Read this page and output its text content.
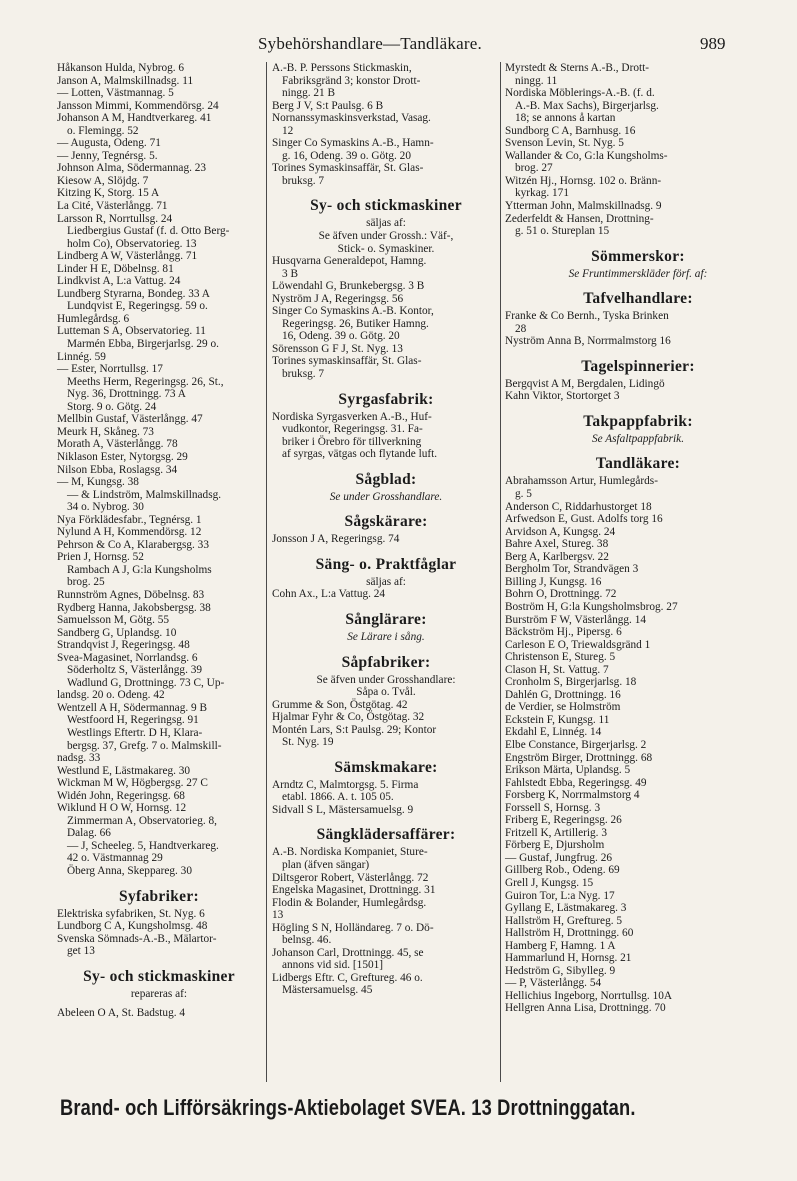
Sybehörshandlare—Tandläkare.	989
Håkanson Hulda, Nybrog. 6
Janson A, Malmskillnadsg. 11
— Lotten, Västmannag. 5
Jansson Mimmi, Kommendörsg. 24
Johanson A M, Handtverkareg. 41
o. Flemingg. 52
— Augusta, Odeng. 71
— Jenny, Tegnérsg. 5.
Johnson Alma, Södermannag. 23
Kiesow A, Slöjdg. 7
Kitzing K, Storg. 15 A
La Cité, Västerlångg. 71
Larsson R, Norrtullsg. 24
Liedbergius Gustaf (f. d. Otto Berg-
holm Co), Observatorieg. 13
Lindberg A W, Västerlångg. 71
Linder H E, Döbelnsg. 81
Lindkvist A, L:a Vattug. 24
Lundberg Styrarna, Bondeg. 33 A
Lundqvist E, Regeringsg. 59 o.
Humlegårdsg. 6
Lutteman S A, Observatorieg. 11
Marmén Ebba, Birgerjarlsg. 29 o.
Linnég. 59
— Ester, Norrtullsg. 17
Meeths Herm, Regeringsg. 26, St.,
Nyg. 36, Drottningg. 73 A
Storg. 9 o. Götg. 24
Mellbin Gustaf, Västerlångg. 47
Meurk H, Skåneg. 73
Morath A, Västerlångg. 78
Niklason Ester, Nytorgsg. 29
Nilson Ebba, Roslagsg. 34
— M, Kungsg. 38
— & Lindström, Malmskillnadsg.
34 o. Nybrog. 30
Nya Förklädesfabr., Tegnérsg. 1
Nylund A H, Kommendörsg. 12
Pehrson & Co A, Klarabergsg. 33
Prien J, Hornsg. 52
Rambach A J, G:la Kungsholms
brog. 25
Runnström Agnes, Döbelnsg. 83
Rydberg Hanna, Jakobsbergsg. 38
Samuelsson M, Götg. 55
Sandberg G, Uplandsg. 10
Strandqvist J, Regeringsg. 48
Svea-Magasinet, Norrlandsg. 6
Söderholtz S, Västerlångg. 39
Wadlund G, Drottningg. 73 C, Up-
landsg. 20 o. Odeng. 42
Wentzell A H, Södermannag. 9 B
Westfoord H, Regeringsg. 91
Westlings Eftertr. D H, Klara-
bergsg. 37, Grefg. 7 o. Malmskill-
nadsg. 33
Westlund E, Lästmakareg. 30
Wickman M W, Högbergsg. 27 C
Widén John, Regeringsg. 68
Wiklund H O W, Hornsg. 12
Zimmerman A, Observatorieg. 8,
Dalag. 66
— J, Scheeleg. 5, Handtverkareg.
42 o. Västmannag 29
Öberg Anna, Skeppareg. 30
Syfabriker:
Elektriska syfabriken, St. Nyg. 6
Lundborg C A, Kungsholmsg. 48
Svenska Sömnads-A.-B., Mälartor-
get 13
Sy- och stickmaskiner
repareras af:
Abeleen O A, St. Badstug. 4
A.-B. P. Perssons Stickmaskin,
Fabriksgränd 3; konstor Drott-
ningg. 21 B
Berg J V, S:t Paulsg. 6 B
Nornanssymaskinsverkstad, Vasag.
12
Singer Co Symaskins A.-B., Hamn-
g. 16, Odeng. 39 o. Götg. 20
Torines Symaskinsaffär, St. Glas-
bruksg. 7
Sy- och stickmaskiner
säljas af:
Se äfven under Grossh.: Väf-,
Stick- o. Symaskiner.
Husqvarna Generaldepot, Hamng.
3 B
Löwendahl G, Brunkebergsg. 3 B
Nyström J A, Regeringsg. 56
Singer Co Symaskins A.-B. Kontor,
Regeringsg. 26, Butiker Hamng.
16, Odeng. 39 o. Götg. 20
Sörensson G F J, St. Nyg. 13
Torines symaskinsaffär, St. Glas-
bruksg. 7
Syrgasfabrik:
Nordiska Syrgasverken A.-B., Huf-
vudkontor, Regeringsg. 31. Fa-
briker i Örebro för tillverkning
af syrgas, vätgas och flytande luft.
Sågblad:
Se under Grosshandlare.
Sågskärare:
Jonsson J A, Regeringsg. 74
Säng- o. Praktfåglar
säljas af:
Cohn Ax., L:a Vattug. 24
Sånglärare:
Se Lärare i sång.
Såpfabriker:
Se äfven under Grosshandlare:
Såpa o. Tvål.
Grumme & Son, Östgötag. 42
Hjalmar Fyhr & Co, Östgötag. 32
Montén Lars, S:t Paulsg. 29; Kontor
St. Nyg. 19
Sämskmakare:
Arndtz C, Malmtorgsg. 5. Firma
etabl. 1866. A. t. 105 05.
Sidvall S L, Mästersamuelsg. 9
Sängklädersaffärer:
A.-B. Nordiska Kompaniet, Sture-
plan (äfven sängar)
Diltsgeror Robert, Västerlångg. 72
Engelska Magasinet, Drottningg. 31
Flodin & Bolander, Humlegårdsg.
13
Högling S N, Holländareg. 7 o. Dö-
belnsg. 46.
Johanson Carl, Drottningg. 45, se
annons vid sid. [1501]
Lidbergs Eftr. C, Greftureg. 46 o.
Mästersamuelsg. 45
Myrstedt & Sterns A.-B., Drott-
ningg. 11
Nordiska Möblerings-A.-B. (f. d.
A.-B. Max Sachs), Birgerjarlsg.
18; se annons å kartan
Sundborg C A, Barnhusg. 16
Svenson Levin, St. Nyg. 5
Wallander & Co, G:la Kungsholms-
brog. 27
Witzén Hj., Hornsg. 102 o. Bränn-
kyrkag. 171
Ytterman John, Malmskillnadsg. 9
Zederfeldt & Hansen, Drottning-
g. 51 o. Stureplan 15
Sömmerskor:
Se Fruntimmerskläder förf. af:
Tafvelhandlare:
Franke & Co Bernh., Tyska Brinken
28
Nyström Anna B, Norrmalmstorg 16
Tagelspinnerier:
Bergqvist A M, Bergdalen, Lidingö
Kahn Viktor, Stortorget 3
Takpappfabrik:
Se Asfaltpappfabrik.
Tandläkare:
Abrahamsson Artur, Humlegårds-
g. 5
Anderson C, Riddarhustorget 18
Arfwedson E, Gust. Adolfs torg 16
Arvidson A, Kungsg. 24
Bahre Axel, Stureg. 38
Berg A, Karlbergsv. 22
Bergholm Tor, Strandvägen 3
Billing J, Kungsg. 16
Bohrn O, Drottningg. 72
Boström H, G:la Kungsholmsbrog. 27
Burström F W, Västerlångg. 14
Bäckström Hj., Pipersg. 6
Carleson E O, Triewaldsgränd 1
Christenson E, Stureg. 5
Clason H, St. Vattug. 7
Cronholm S, Birgerjarlsg. 18
Dahlén G, Drottningg. 16
de Verdier, se Holmström
Eckstein F, Kungsg. 11
Ekdahl E, Linnég. 14
Elbe Constance, Birgerjarlsg. 2
Engström Birger, Drottningg. 68
Erikson Märta, Uplandsg. 5
Fahlstedt Ebba, Regeringsg. 49
Forsberg K, Norrmalmstorg 4
Forssell S, Hornsg. 3
Friberg E, Regeringsg. 26
Fritzell K, Artillerig. 3
Förberg E, Djursholm
— Gustaf, Jungfrug. 26
Gillberg Rob., Odeng. 69
Grell J, Kungsg. 15
Guiron Tor, L:a Nyg. 17
Gyllang E, Lästmakareg. 3
Hallström H, Greftureg. 5
Hallström H, Drottningg. 60
Hamberg F, Hamng. 1 A
Hammarlund H, Hornsg. 21
Hedström G, Sibylleg. 9
— P, Västerlångg. 54
Hellichius Ingeborg, Norrtullsg. 10A
Hellgren Anna Lisa, Drottningg. 70
Brand- och Lifförsäkrings-Aktiebolaget SVEA. 13 Drottninggatan.
